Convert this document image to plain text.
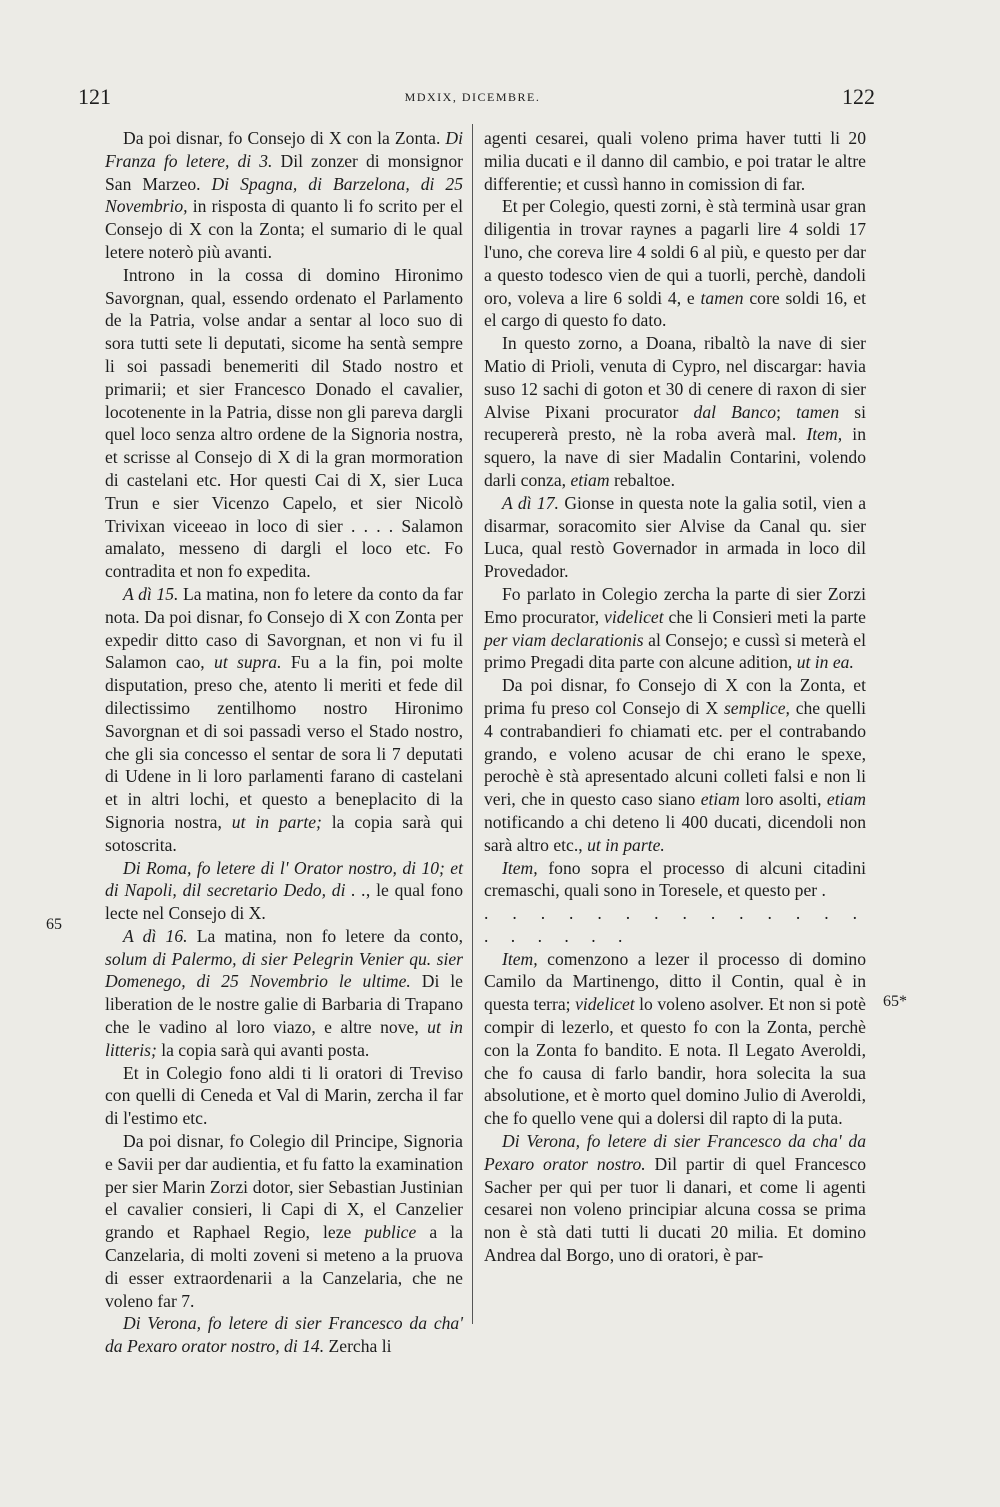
121	MDXIX, DICEMBRE.	122
65
65*

Da poi disnar, fo Consejo di X con la Zonta. Di Franza fo letere, di 3. Dil zonzer di monsignor San Marzeo. Di Spagna, di Barzelona, di 25 Novembrio, in risposta di quanto li fo scrito per el Consejo di X con la Zonta; el sumario di le qual letere noterò più avanti.

Introno in la cossa di domino Hironimo Savorgnan, qual, essendo ordenato el Parlamento de la Patria, volse andar a sentar al loco suo di sora tutti sete li deputati, sicome ha sentà sempre li soi passadi benemeriti dil Stado nostro et primarii; et sier Francesco Donado el cavalier, locotenente in la Patria, disse non gli pareva dargli quel loco senza altro ordene de la Signoria nostra, et scrisse al Consejo di X di la gran mormoration di castelani etc. Hor questi Cai di X, sier Luca Trun e sier Vicenzo Capelo, et sier Nicolò Trivixan viceeao in loco di sier . . . . Salamon amalato, messeno di dargli el loco etc. Fo contradita et non fo expedita.

A dì 15. La matina, non fo letere da conto da far nota. Da poi disnar, fo Consejo di X con Zonta per expedir ditto caso di Savorgnan, et non vi fu il Salamon cao, ut supra. Fu a la fin, poi molte disputation, preso che, atento li meriti et fede dil dilectissimo zentilhomo nostro Hironimo Savorgnan et di soi passadi verso el Stado nostro, che gli sia concesso el sentar de sora li 7 deputati di Udene in li loro parlamenti farano di castelani et in altri lochi, et questo a beneplacito di la Signoria nostra, ut in parte; la copia sarà qui sotoscrita.

Di Roma, fo letere di l' Orator nostro, di 10; et di Napoli, dil secretario Dedo, di . ., le qual fono lecte nel Consejo di X.

A dì 16. La matina, non fo letere da conto, solum di Palermo, di sier Pelegrin Venier qu. sier Domenego, di 25 Novembrio le ultime. Di le liberation de le nostre galie di Barbaria di Trapano che le vadino al loro viazo, e altre nove, ut in litteris; la copia sarà qui avanti posta.

Et in Colegio fono aldi ti li oratori di Treviso con quelli di Ceneda et Val di Marin, zercha il far di l'estimo etc.

Da poi disnar, fo Colegio dil Principe, Signoria e Savii per dar audientia, et fu fatto la examination per sier Marin Zorzi dotor, sier Sebastian Justinian el cavalier consieri, li Capi di X, el Canzelier grando et Raphael Regio, leze publice a la Canzelaria, di molti zoveni si meteno a la pruova di esser extraordenarii a la Canzelaria, che ne voleno far 7.

Di Verona, fo letere di sier Francesco da cha' da Pexaro orator nostro, di 14. Zercha li

agenti cesarei, quali voleno prima haver tutti li 20 milia ducati e il danno dil cambio, e poi tratar le altre differentie; et cussì hanno in comission di far.

Et per Colegio, questi zorni, è stà terminà usar gran diligentia in trovar raynes a pagarli lire 4 soldi 17 l'uno, che coreva lire 4 soldi 6 al più, e questo per dar a questo todesco vien de qui a tuorli, perchè, dandoli oro, voleva a lire 6 soldi 4, e tamen core soldi 16, et el cargo di questo fo dato.

In questo zorno, a Doana, ribaltò la nave di sier Matio di Prioli, venuta di Cypro, nel discargar: havia suso 12 sachi di goton et 30 di cenere di raxon di sier Alvise Pixani procurator dal Banco; tamen si recupererà presto, nè la roba averà mal. Item, in squero, la nave di sier Madalin Contarini, volendo darli conza, etiam rebaltoe.

A dì 17. Gionse in questa note la galia sotil, vien a disarmar, soracomito sier Alvise da Canal qu. sier Luca, qual restò Governador in armada in loco dil Provedador.

Fo parlato in Colegio zercha la parte di sier Zorzi Emo procurator, videlicet che li Consieri meti la parte per viam declarationis al Consejo; e cussì si meterà el primo Pregadi dita parte con alcune adition, ut in ea.

Da poi disnar, fo Consejo di X con la Zonta, et prima fu preso col Consejo di X semplice, che quelli 4 contrabandieri fo chiamati etc. per el contrabando grando, e voleno acusar de chi erano le spexe, perochè è stà apresentado alcuni colleti falsi e non li veri, che in questo caso siano etiam loro asolti, etiam notificando a chi deteno li 400 ducati, dicendoli non sarà altro etc., ut in parte.

Item, fono sopra el processo di alcuni citadini cremaschi, quali sono in Toresele, et questo per .

. . . . . . . . . . . . . . . . . . . .

Item, comenzono a lezer il processo di domino Camilo da Martinengo, ditto il Contin, qual è in questa terra; videlicet lo voleno asolver. Et non si potè compir di lezerlo, et questo fo con la Zonta, perchè con la Zonta fo bandito. E nota. Il Legato Averoldi, che fo causa di farlo bandir, hora solecita la sua absolutione, et è morto quel domino Julio di Averoldi, che fo quello vene qui a dolersi dil rapto di la puta.

Di Verona, fo letere di sier Francesco da cha' da Pexaro orator nostro. Dil partir di quel Francesco Sacher per qui per tuor li danari, et come li agenti cesarei non voleno principiar alcuna cossa se prima non è stà dati tutti li ducati 20 milia. Et domino Andrea dal Borgo, uno di oratori, è par-
